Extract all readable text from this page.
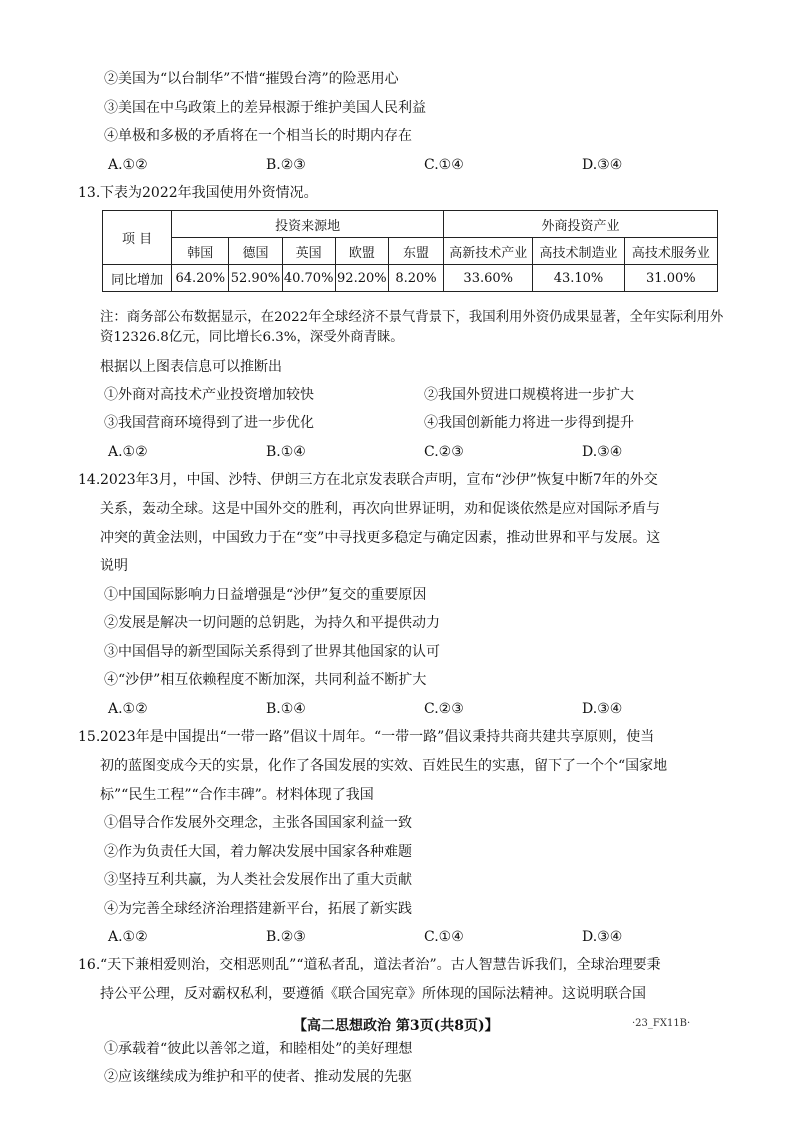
②美国为“以台制华”不惜“摧毁台湾”的险恶用心
③美国在中乌政策上的差异根源于维护美国人民利益
④单极和多极的矛盾将在一个相当长的时期内存在
A.①②	B.②③	C.①④	D.③④
13. 下表为2022年我国使用外资情况。
项 目	投资来源地					外商投资产业		
	韩国	德国	英国	欧盟	东盟	高新技术产业	高技术制造业	高技术服务业
同比增加	64.20%	52.90%	40.70%	92.20%	8.20%	33.60%	43.10%	31.00%
注：商务部公布数据显示，在2022年全球经济不景气背景下，我国利用外资仍成果显著，全年实际利用外
资12326.8亿元，同比增长6.3%，深受外商青睐。
根据以上图表信息可以推断出
①外商对高技术产业投资增加较快	②我国外贸进口规模将进一步扩大
③我国营商环境得到了进一步优化	④我国创新能力将进一步得到提升
A.①②	B.①④	C.②③	D.③④
14. 2023年3月，中国、沙特、伊朗三方在北京发表联合声明，宣布“沙伊”恢复中断7年的外交
关系，轰动全球。这是中国外交的胜利，再次向世界证明，劝和促谈依然是应对国际矛盾与
冲突的黄金法则，中国致力于在“变”中寻找更多稳定与确定因素，推动世界和平与发展。这
说明
①中国国际影响力日益增强是“沙伊”复交的重要原因
②发展是解决一切问题的总钥匙，为持久和平提供动力
③中国倡导的新型国际关系得到了世界其他国家的认可
④“沙伊”相互依赖程度不断加深，共同利益不断扩大
A.①②	B.①④	C.②③	D.③④
15. 2023年是中国提出“一带一路”倡议十周年。“一带一路”倡议秉持共商共建共享原则，使当
初的蓝图变成今天的实景，化作了各国发展的实效、百姓民生的实惠，留下了一个个“国家地
标”“民生工程”“合作丰碑”。材料体现了我国
①倡导合作发展外交理念，主张各国国家利益一致
②作为负责任大国，着力解决发展中国家各种难题
③坚持互利共赢，为人类社会发展作出了重大贡献
④为完善全球经济治理搭建新平台，拓展了新实践
A.①②	B.②③	C.①④	D.③④
16. “天下兼相爱则治，交相恶则乱”“道私者乱，道法者治”。古人智慧告诉我们，全球治理要秉
持公平公理，反对霸权私利，要遵循《联合国宪章》所体现的国际法精神。这说明联合国
①承载着“彼此以善邻之道，和睦相处”的美好理想
②应该继续成为维护和平的使者、推动发展的先驱
【高二思想政治 第3页(共8页)】	·23_FX11B·
